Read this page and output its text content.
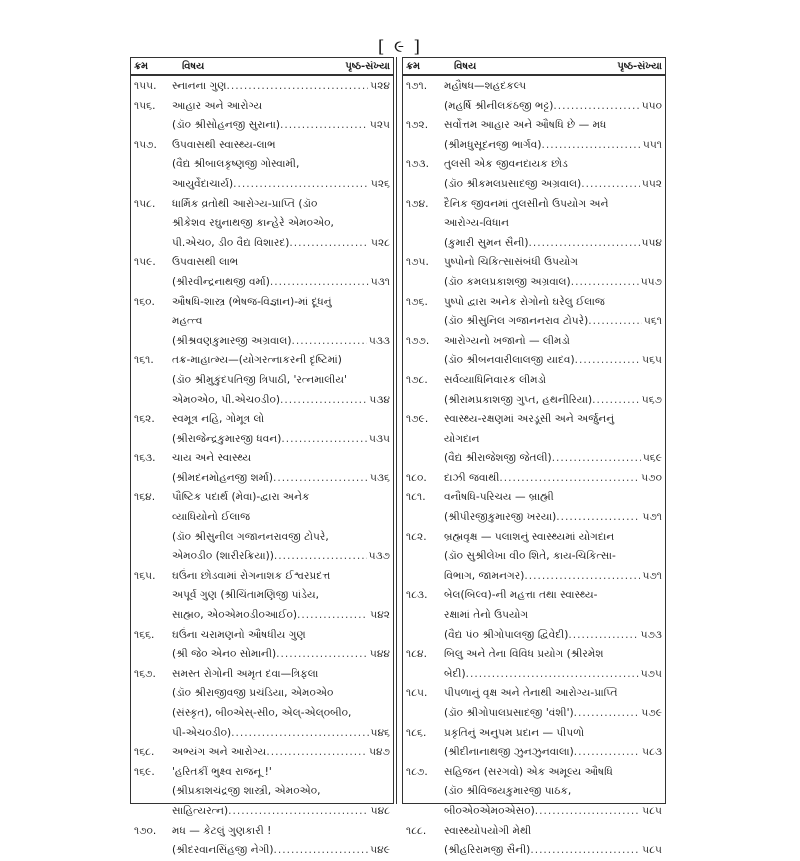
[ ૯ ]
ક્રમ	વિષય	પૃષ્ઠ-સંખ્યા
૧૫૫.	સ્નાનના ગુણ .....	૫૨૪
૧૫૬.	આહાર અને આરોગ્ય
(ડૉ૦ શ્રીસોહનજી સુરાના) .....	૫૨૫
૧૫૭.	ઉપવાસથી સ્વાસ્થ્ય-લાભ
(વૈદ્ય શ્રીબાલકૃષ્ણજી ગોસ્વામી,
આયુર્વેદાચાર્ય) .....	૫૨૬
૧૫૮.	ધાર્મિક વ્રતોથી આરોગ્ય-પ્રાપ્તિ (ડૉ૦
શ્રીકેશવ રઘુનાથજી કાન્હેરે એમ૦એ૦,
પી.એચ૦, ડી૦ વૈદ્ય વિશારદ) .....	૫૨૮
૧૫૯.	ઉપવાસથી લાભ
(શ્રીરવીન્દ્રનાથજી વર્મા) .....	૫૩૧
૧૬૦.	ઔષધિ-શાસ્ત્ર (ભેષજ-વિજ્ઞાન)-માં દૂધનું
મહત્ત્વ
(શ્રીશ્રવણકુમારજી અગ્રવાલ) .....	૫૩૩
૧૬૧.	તક્ર-માહાત્મ્ય—(યોગરત્નાકરની દૃષ્ટિમાં)
(ડૉ૦ શ્રીમુકુંદપતિજી ત્રિપાઠી, 'રત્નમાલીય'
એમ૦એ૦, પી.એચ૦ડી૦) .....	૫૩૪
૧૬૨.	સ્વમૂત્ર નહિ, ગોમૂત્ર લો
(શ્રીરાજેન્દ્રકુમારજી ધવન) .....	૫૩૫
૧૬૩.	ચાય અને સ્વાસ્થ્ય
(શ્રીમદનમોહનજી શર્મા) .....	૫૩૬
૧૬૪.	પૌષ્ટિક પદાર્થ (મેવા)-દ્વારા અનેક
વ્યાધિયોનો ઈલાજ
(ડૉ૦ શ્રીસુનીલ ગજાનનરાવજી ટોપરે,
એમ૦ડી૦ (શારીરક્રિયા)) .....	૫૩૭
૧૬૫.	ઘઉંના છોડવામાં રોગનાશક ઈશ્વરપ્રદત્ત
અપૂર્વ ગુણ (શ્રીચિંતામણિજી પાંડેય,
સાહ્મ૦, એ૦એમ૦ડી૦આઈ૦) .....	૫૪૨
૧૬૬.	ઘઉંના ચરામણનો ઔષધીય ગુણ
(શ્રી જે૦ એન૦ સોમાની) .....	૫૪૪
૧૬૭.	સમસ્ત રોગોની અમૃત દવા—ત્રિફલા
(ડૉ૦ શ્રીરાજીવજી પ્રચંડિયા, એમ૦એ૦
(સંસ્કૃત), બી૦એસ્-સી૦, એલ્-એલ્૦બી૦,
પી-એચ૦ડી૦) .....	૫૪૬
૧૬૮.	અભ્યંગ અને આરોગ્ય .....	૫૪૭
૧૬૯.	'હરિતકીં ભુક્ષ્વ રાજનૂ !'
(શ્રીપ્રકાશચંદ્રજી શાસ્ત્રી, એમ૦એ૦,
સાહિત્યરત્ન) .....	૫૪૮
૧૭૦.	મધ — કેટલું ગુણકારી !
(શ્રીદરવાનસિંહજી નેગી) .....	૫૪૯
ક્રમ	વિષય	પૃષ્ઠ-સંખ્યા
૧૭૧.	મહૌષધ—શહદકલ્પ
(મહર્ષિ શ્રીનીલકંઠજી ભટ્ટ) .....	૫૫૦
૧૭૨.	સર્વોત્તમ આહાર અને ઔષધિ છે — મધ
(શ્રીમધુસૂદનજી ભાર્ગવ) .....	૫૫૧
૧૭૩.	તુલસી એક જીવનદાયક છોડ
(ડૉ૦ શ્રીકમલપ્રસાદજી અગ્રવાલ) .....	૫૫૨
૧૭૪.	દૈનિક જીવનમાં તુલસીનો ઉપયોગ અને
આરોગ્ય-વિધાન
(કુમારી સુમન સૈની) .....	૫૫૪
૧૭૫.	પુષ્પોનો ચિકિત્સાસંબંધી ઉપયોગ
(ડૉ૦ કમલપ્રકાશજી અગ્રવાલ) .....	૫૫૭
૧૭૬.	પુષ્પો દ્વારા અનેક રોગોનો ઘરેલુ ઈલાજ
(ડૉ૦ શ્રીસુનિલ ગજાનનરાવ ટોપરે) .....	૫૬૧
૧૭૭.	આરોગ્યનો ખજાનો — લીમડો
(ડૉ૦ શ્રીબનવારીલાલજી યાદવ) .....	૫૬૫
૧૭૮.	સર્વવ્યાધિનિવારક લીમડો
(શ્રીરામપ્રકાશજી ગુપ્ત, હથનીરિયા) .....	૫૬૭
૧૭૯.	સ્વાસ્થ્ય-રક્ષણમાં અરડૂસી અને અર્જુનનું
યોગદાન
(વૈદ્ય શ્રીરાજેશજી જેતલી) .....	૫૬૯
૧૮૦.	દાઝી જવાથી .....	૫૭૦
૧૮૧.	વનૌષધિ-પરિચય — બ્રાહ્મી
(શ્રીપીરજીકુમારજી ખરયા) .....	૫૭૧
૧૮૨.	બ્રહ્મવૃક્ષ — પલાશનું સ્વાસ્થ્યમાં યોગદાન
(ડૉ૦ સુશ્રીલેખા વી૦ શિતે, કાય-ચિકિત્સા-
વિભાગ, જામનગર) .....	૫૭૧
૧૮૩.	બેલ(બિલ્વ)-ની મહત્તા તથા સ્વાસ્થ્ય-
રક્ષામાં તેનો ઉપયોગ
(વૈદ્ય પં૦ શ્રીગોપાલજી દ્વિવેદી) .....	૫૭૩
૧૮૪.	બિલુ અને તેના વિવિધ પ્રયોગ (શ્રીરમેશ
બેદી) .....	૫૭૫
૧૮૫.	પીપળાનું વૃક્ષ અને તેનાથી આરોગ્ય-પ્રાપ્તિ
(ડૉ૦ શ્રીગોપાલપ્રસાદજી 'વંશી') .....	૫૭૯
૧૮૬.	પ્રકૃતિનું અનુપમ પ્રદાન — પીપળો
(શ્રીદીનાનાથજી ઝુનઝુનવાલા) .....	૫૮૩
૧૮૭.	સહિજન (સરગવો) એક અમૂલ્ય ઔષધિ
(ડૉ૦ શ્રીવિજયકુમારજી પાઠક,
બી૦એ૦એમ૦એસ૦) .....	૫૮૫
૧૮૮.	સ્વાસ્થ્યોપયોગી મેથી
(શ્રીહરિરામજી સૈની) .....	૫૮૫
